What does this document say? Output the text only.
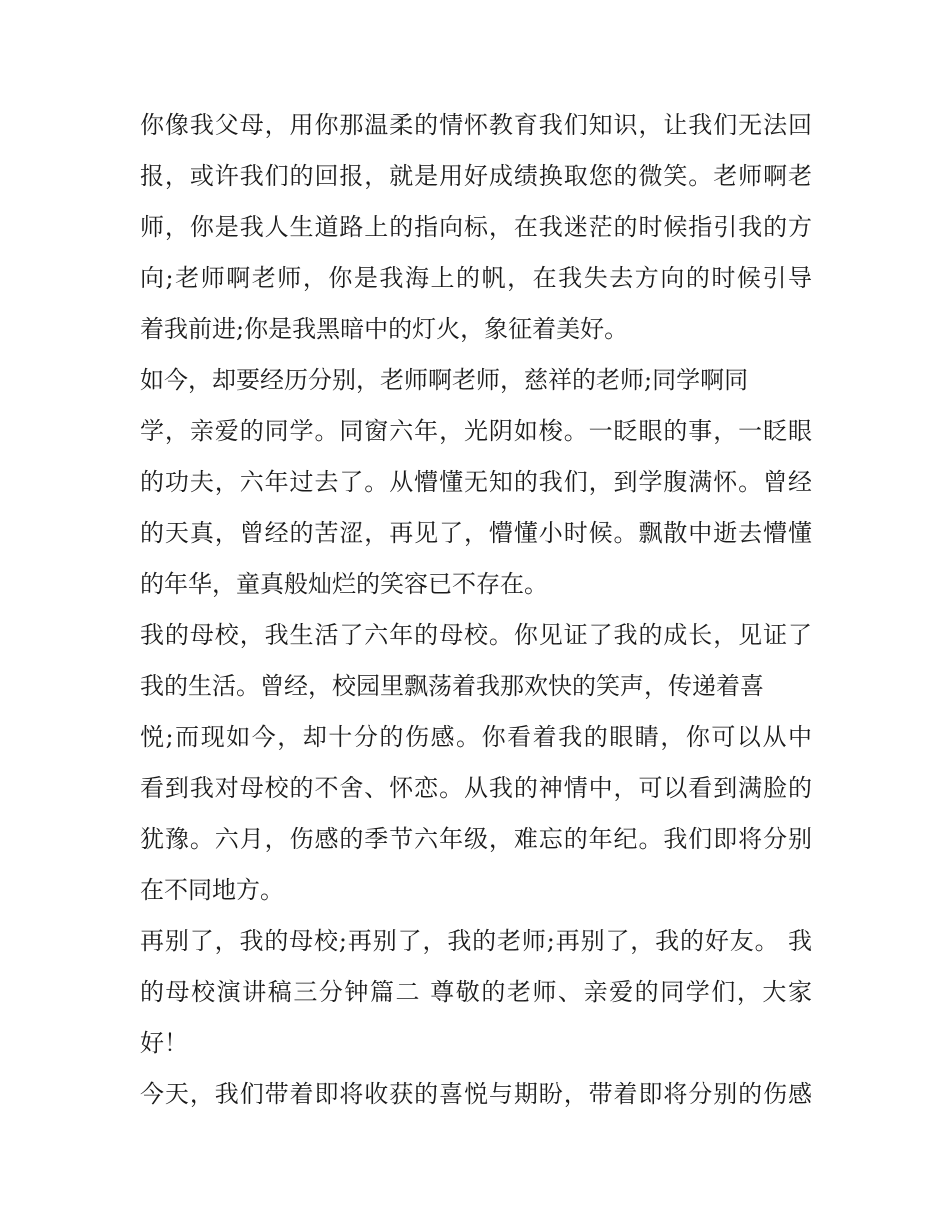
你像我父母，用你那温柔的情怀教育我们知识，让我们无法回
报，或许我们的回报，就是用好成绩换取您的微笑。老师啊老
师，你是我人生道路上的指向标，在我迷茫的时候指引我的方
向;老师啊老师，你是我海上的帆，在我失去方向的时候引导
着我前进;你是我黑暗中的灯火，象征着美好。
如今，却要经历分别，老师啊老师，慈祥的老师;同学啊同
学，亲爱的同学。同窗六年，光阴如梭。一眨眼的事，一眨眼
的功夫，六年过去了。从懵懂无知的我们，到学腹满怀。曾经
的天真，曾经的苦涩，再见了，懵懂小时候。飘散中逝去懵懂
的年华，童真般灿烂的笑容已不存在。
我的母校，我生活了六年的母校。你见证了我的成长，见证了
我的生活。曾经，校园里飘荡着我那欢快的笑声，传递着喜
悦;而现如今，却十分的伤感。你看着我的眼睛，你可以从中
看到我对母校的不舍、怀恋。从我的神情中，可以看到满脸的
犹豫。六月，伤感的季节六年级，难忘的年纪。我们即将分别
在不同地方。
再别了，我的母校;再别了，我的老师;再别了，我的好友。 我
的母校演讲稿三分钟篇二 尊敬的老师、亲爱的同学们，大家
好！
今天，我们带着即将收获的喜悦与期盼，带着即将分别的伤感
